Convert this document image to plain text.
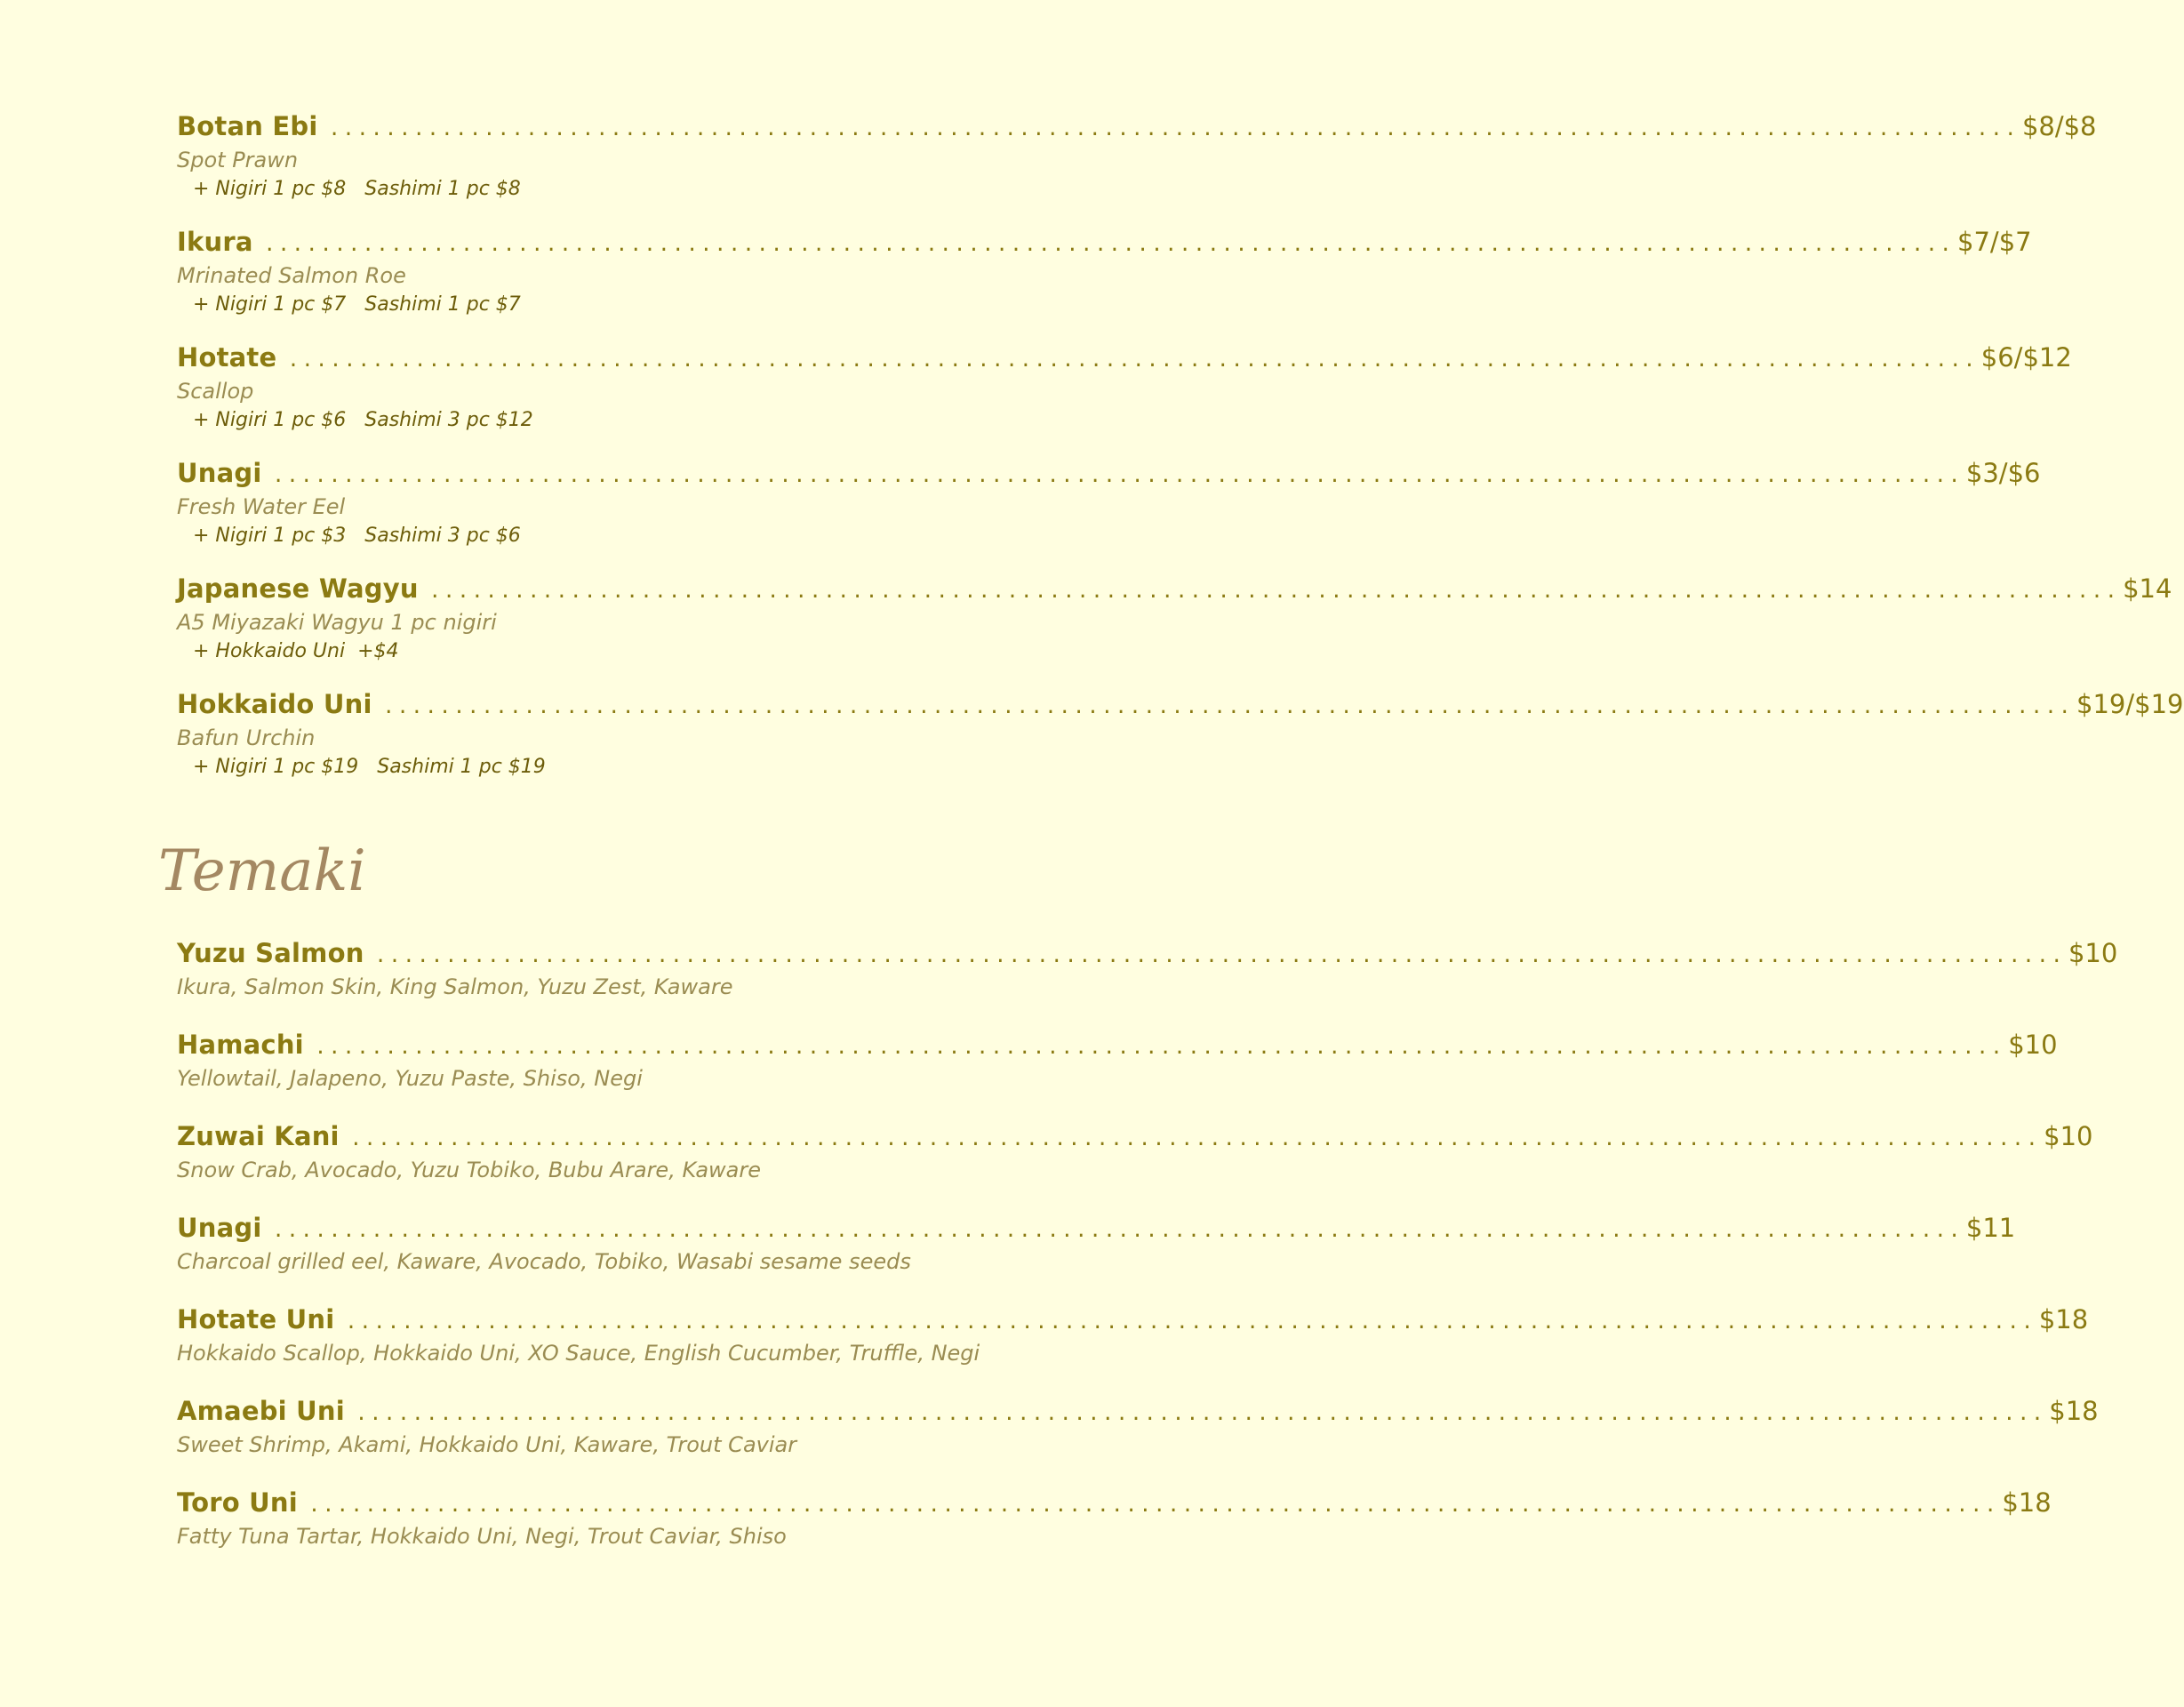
Botan Ebi ........................................................................................................................ $8/$8
Spot Prawn
+ Nigiri 1 pc $8   Sashimi 1 pc $8
Ikura ........................................................................................................................ $7/$7
Mrinated Salmon Roe
+ Nigiri 1 pc $7   Sashimi 1 pc $7
Hotate ........................................................................................................................ $6/$12
Scallop
+ Nigiri 1 pc $6   Sashimi 3 pc $12
Unagi ........................................................................................................................ $3/$6
Fresh Water Eel
+ Nigiri 1 pc $3   Sashimi 3 pc $6
Japanese Wagyu ........................................................................................................................ $14
A5 Miyazaki Wagyu 1 pc nigiri
+ Hokkaido Uni  +$4
Hokkaido Uni ........................................................................................................................ $19/$19
Bafun Urchin
+ Nigiri 1 pc $19   Sashimi 1 pc $19
Temaki
Yuzu Salmon ........................................................................................................................ $10
Ikura, Salmon Skin, King Salmon, Yuzu Zest, Kaware
Hamachi ........................................................................................................................ $10
Yellowtail, Jalapeno, Yuzu Paste, Shiso, Negi
Zuwai Kani ........................................................................................................................ $10
Snow Crab, Avocado, Yuzu Tobiko, Bubu Arare, Kaware
Unagi ........................................................................................................................ $11
Charcoal grilled eel, Kaware, Avocado, Tobiko, Wasabi sesame seeds
Hotate Uni ........................................................................................................................ $18
Hokkaido Scallop, Hokkaido Uni, XO Sauce, English Cucumber, Truffle, Negi
Amaebi Uni ........................................................................................................................ $18
Sweet Shrimp, Akami, Hokkaido Uni, Kaware, Trout Caviar
Toro Uni ........................................................................................................................ $18
Fatty Tuna Tartar, Hokkaido Uni, Negi, Trout Caviar, Shiso
